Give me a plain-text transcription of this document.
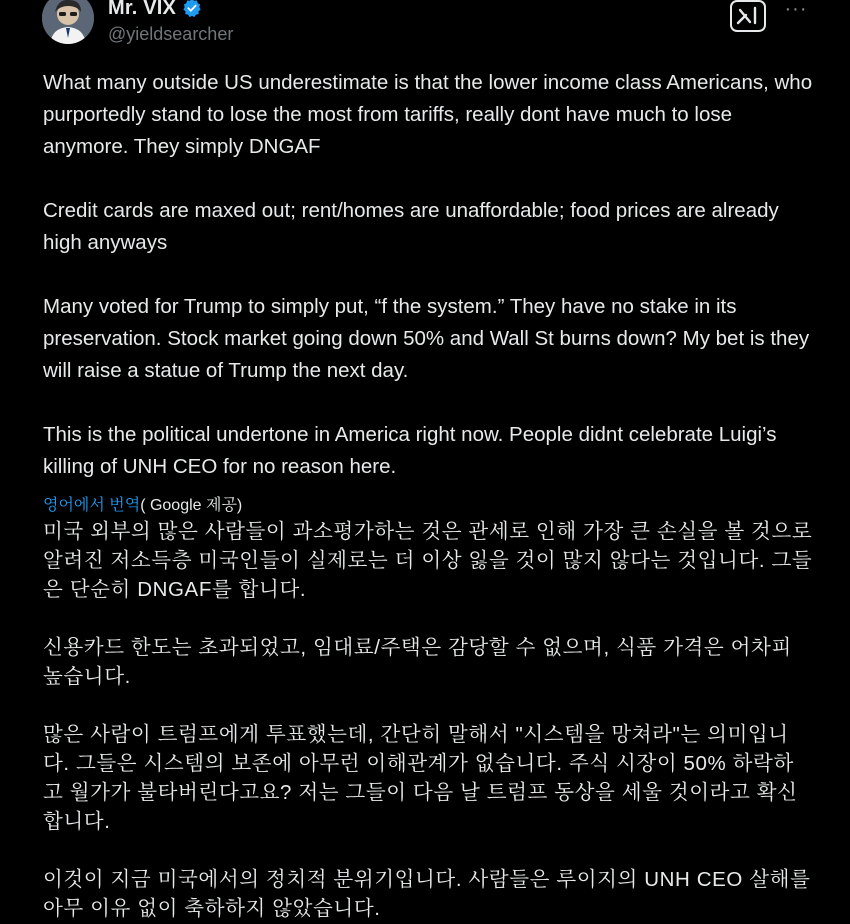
Mr. VIX
@yieldsearcher
···

What many outside US underestimate is that the lower income class Americans, who purportedly stand to lose the most from tariffs, really dont have much to lose anymore. They simply DNGAF

Credit cards are maxed out; rent/homes are unaffordable; food prices are already high anyways

Many voted for Trump to simply put, “f the system.” They have no stake in its preservation. Stock market going down 50% and Wall St burns down? My bet is they will raise a statue of Trump the next day.

This is the political undertone in America right now. People didnt celebrate Luigi’s killing of UNH CEO for no reason here.

영어에서 번역 ( Google 제공)

미국 외부의 많은 사람들이 과소평가하는 것은 관세로 인해 가장 큰 손실을 볼 것으로 알려진 저소득층 미국인들이 실제로는 더 이상 잃을 것이 많지 않다는 것입니다. 그들은 단순히 DNGAF를 합니다.

신용카드 한도는 초과되었고, 임대료/주택은 감당할 수 없으며, 식품 가격은 어차피 높습니다.

많은 사람이 트럼프에게 투표했는데, 간단히 말해서 "시스템을 망쳐라"는 의미입니다. 그들은 시스템의 보존에 아무런 이해관계가 없습니다. 주식 시장이 50% 하락하고 월가가 불타버린다고요? 저는 그들이 다음 날 트럼프 동상을 세울 것이라고 확신합니다.

이것이 지금 미국에서의 정치적 분위기입니다. 사람들은 루이지의 UNH CEO 살해를 아무 이유 없이 축하하지 않았습니다.
